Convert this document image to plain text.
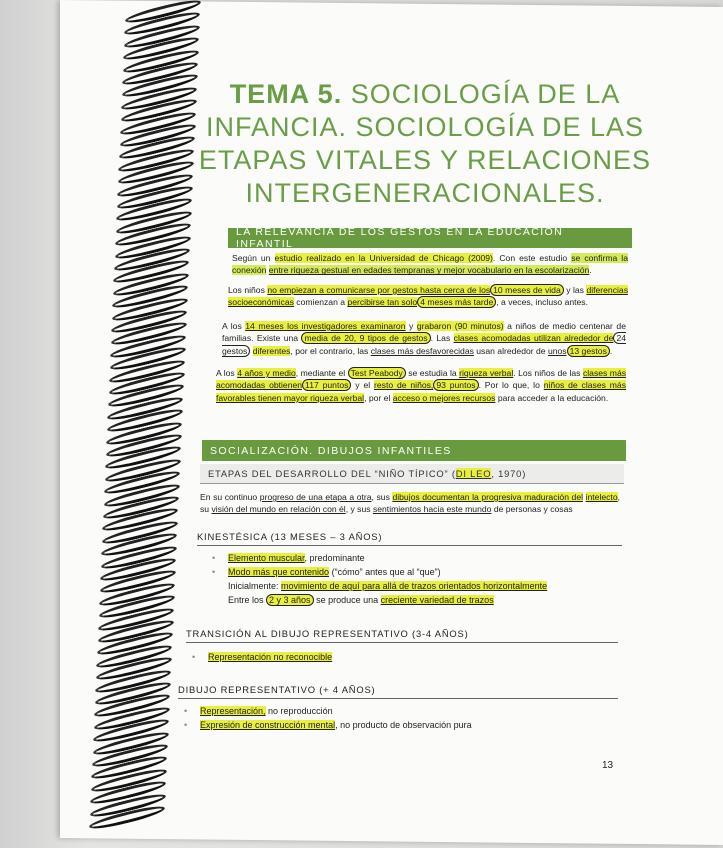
TEMA 5. SOCIOLOGÍA DE LA
INFANCIA. SOCIOLOGÍA DE LAS
ETAPAS VITALES Y RELACIONES
INTERGENERACIONALES.
LA RELEVANCIA DE LOS GESTOS EN LA EDUCACIÓN INFANTIL
Según un estudio realizado en la Universidad de Chicago (2009). Con este estudio se confirma la conexión entre riqueza gestual en edades tempranas y mejor vocabulario en la escolarización.
Los niños no empiezan a comunicarse por gestos hasta cerca de los 10 meses de vida y las diferencias socioeconómicas comienzan a percibirse tan solo 4 meses más tarde , a veces, incluso antes.
A los 14 meses los investigadores examinaron y grabaron (90 minutos) a niños de medio centenar de familias. Existe una media de 20, 9 tipos de gestos . Las clases acomodadas utilizan alrededor de 24 gestos diferentes, por el contrario, las clases más desfavorecidas usan alrededor de unos 13 gestos .
A los 4 años y medio, mediante el Test Peabody se estudia la riqueza verbal. Los niños de las clases más acomodadas obtienen 117 puntos y el resto de niños, 93 puntos . Por lo que, lo niños de clases más favorables tienen mayor riqueza verbal, por el acceso o mejores recursos para acceder a la educación.
SOCIALIZACIÓN. DIBUJOS INFANTILES
ETAPAS DEL DESARROLLO DEL “NIÑO TÍPICO” ( DI LEO , 1970)
En su continuo progreso de una etapa a otra, sus dibujos documentan la progresiva maduración del intelecto, su visión del mundo en relación con él, y sus sentimientos hacia este mundo de personas y cosas
KINESTÉSICA (13 MESES – 3 AÑOS)
• Elemento muscular, predominante
• Modo más que contenido (“cómo” antes que al “que”)
Inicialmente: movimiento de aquí para allá de trazos orientados horizontalmente
Entre los 2 y 3 años se produce una creciente variedad de trazos
TRANSICIÓN AL DIBUJO REPRESENTATIVO (3-4 AÑOS)
• Representación no reconocible
DIBUJO REPRESENTATIVO (+ 4 AÑOS)
• Representación, no reproducción
• Expresión de construcción mental, no producto de observación pura
13
